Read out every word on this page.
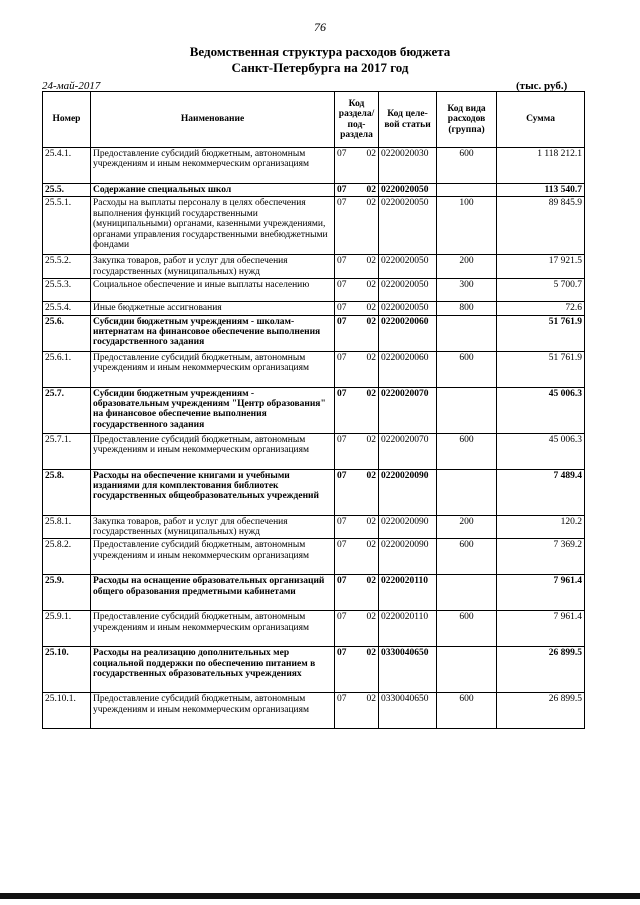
76
Ведомственная структура расходов бюджета
Санкт-Петербурга на 2017 год
24-май-2017	(тыс. руб.)
Номер	Наименование	Код раздела/ под-раздела		Код целе-вой статьи	Код вида расходов (группа)	Сумма
25.4.1.	Предоставление субсидий бюджетным, автономным учреждениям и иным некоммерческим организациям	07	02	0220020030	600	1 118 212.1
25.5.	Содержание специальных школ	07	02	0220020050		113 540.7
25.5.1.	Расходы на выплаты персоналу в целях обеспечения выполнения функций государственными (муниципальными) органами, казенными учреждениями, органами управления государственными внебюджетными фондами	07	02	0220020050	100	89 845.9
25.5.2.	Закупка товаров, работ и услуг для обеспечения государственных (муниципальных) нужд	07	02	0220020050	200	17 921.5
25.5.3.	Социальное обеспечение и иные выплаты населению	07	02	0220020050	300	5 700.7
25.5.4.	Иные бюджетные ассигнования	07	02	0220020050	800	72.6
25.6.	Субсидии бюджетным учреждениям - школам-интернатам на финансовое обеспечение выполнения государственного задания	07	02	0220020060		51 761.9
25.6.1.	Предоставление субсидий бюджетным, автономным учреждениям и иным некоммерческим организациям	07	02	0220020060	600	51 761.9
25.7.	Субсидии бюджетным учреждениям - образовательным учреждениям "Центр образования" на финансовое обеспечение выполнения государственного задания	07	02	0220020070		45 006.3
25.7.1.	Предоставление субсидий бюджетным, автономным учреждениям и иным некоммерческим организациям	07	02	0220020070	600	45 006.3
25.8.	Расходы на обеспечение книгами и учебными изданиями для комплектования библиотек государственных общеобразовательных учреждений	07	02	0220020090		7 489.4
25.8.1.	Закупка товаров, работ и услуг для обеспечения государственных (муниципальных) нужд	07	02	0220020090	200	120.2
25.8.2.	Предоставление субсидий бюджетным, автономным учреждениям и иным некоммерческим организациям	07	02	0220020090	600	7 369.2
25.9.	Расходы на оснащение образовательных организаций общего образования предметными кабинетами	07	02	0220020110		7 961.4
25.9.1.	Предоставление субсидий бюджетным, автономным учреждениям и иным некоммерческим организациям	07	02	0220020110	600	7 961.4
25.10.	Расходы на реализацию дополнительных мер социальной поддержки по обеспечению питанием в государственных образовательных учреждениях	07	02	0330040650		26 899.5
25.10.1.	Предоставление субсидий бюджетным, автономным учреждениям и иным некоммерческим организациям	07	02	0330040650	600	26 899.5
